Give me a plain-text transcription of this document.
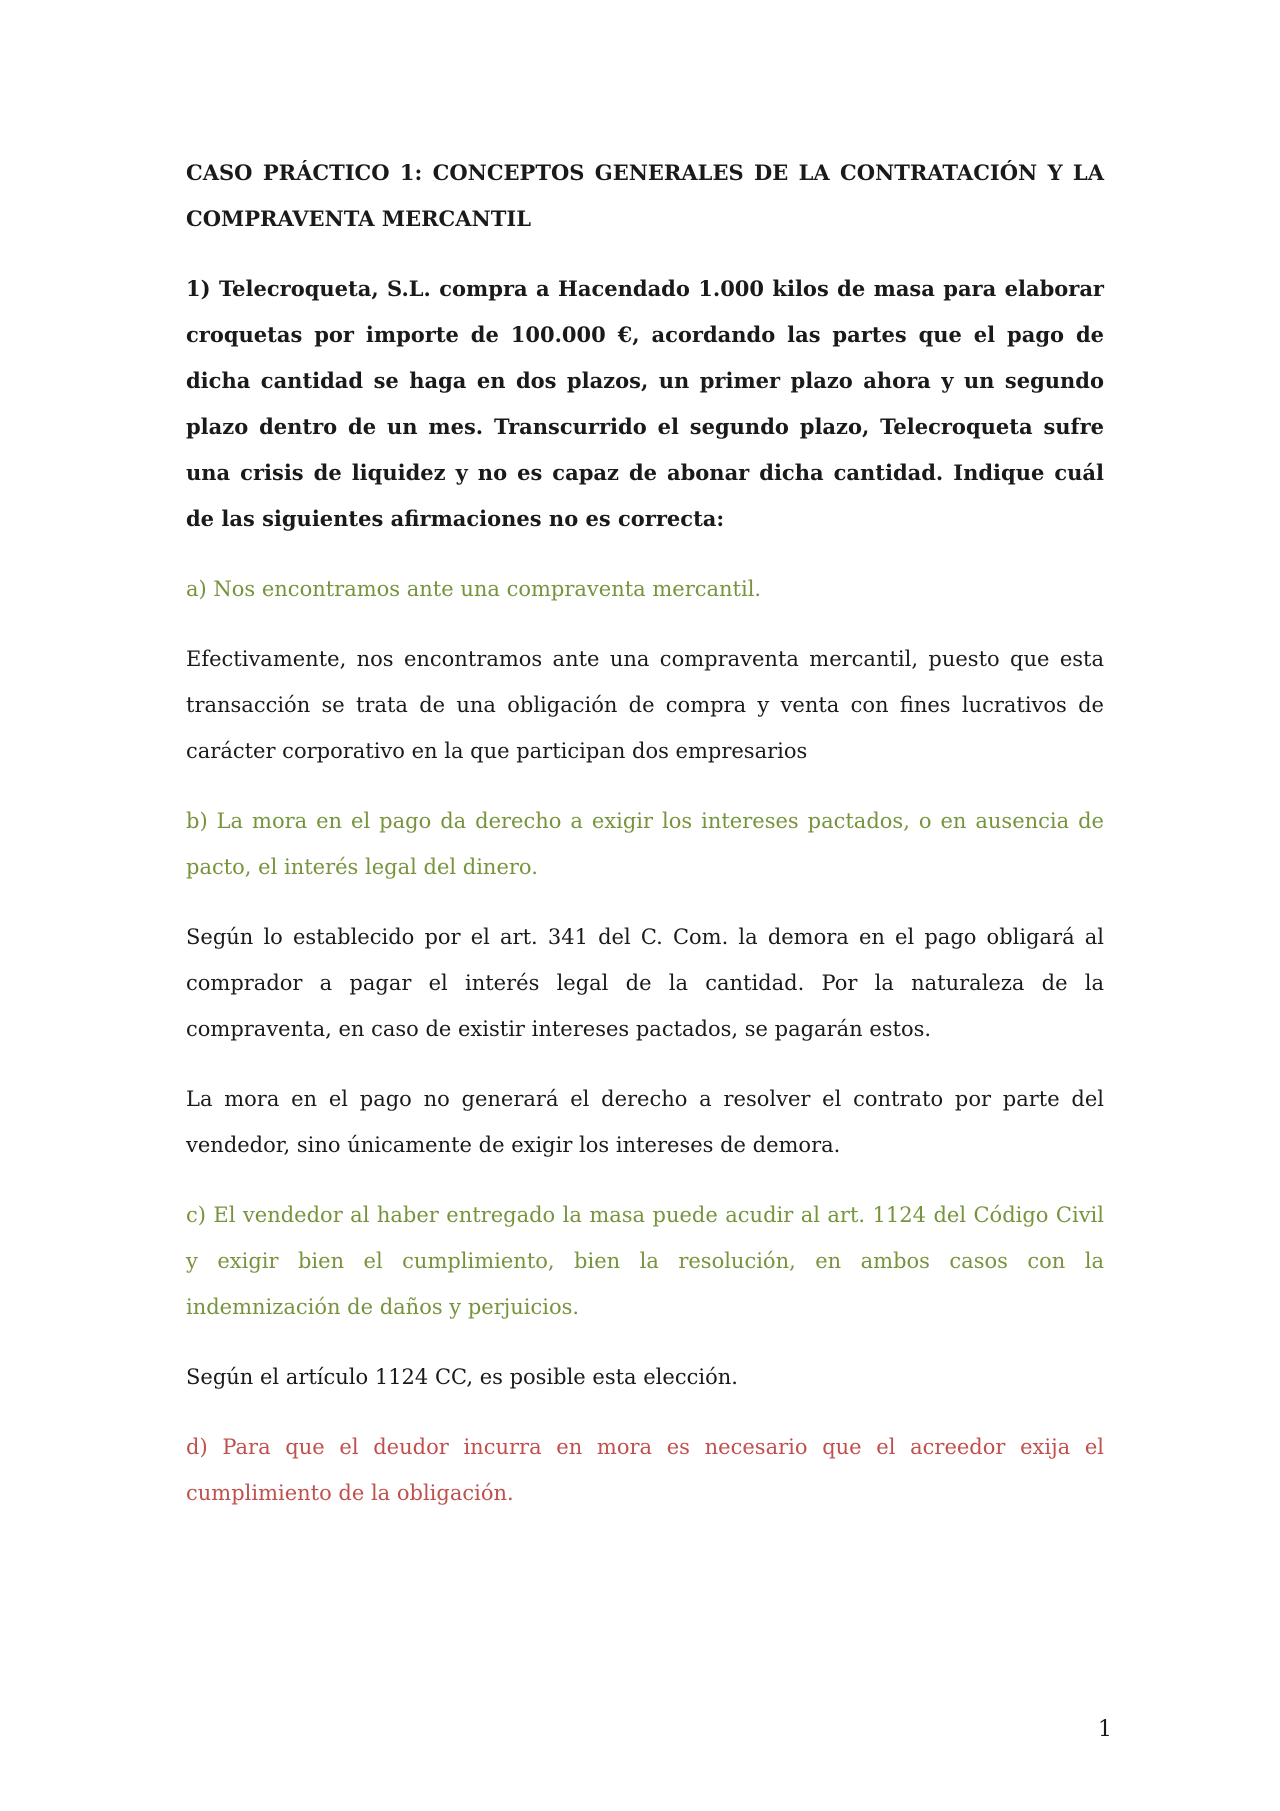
CASO PRÁCTICO 1: CONCEPTOS GENERALES DE LA CONTRATACIÓN Y LA COMPRAVENTA MERCANTIL

1) Telecroqueta, S.L. compra a Hacendado 1.000 kilos de masa para elaborar croquetas por importe de 100.000 €, acordando las partes que el pago de dicha cantidad se haga en dos plazos, un primer plazo ahora y un segundo plazo dentro de un mes. Transcurrido el segundo plazo, Telecroqueta sufre una crisis de liquidez y no es capaz de abonar dicha cantidad. Indique cuál de las siguientes afirmaciones no es correcta:

a) Nos encontramos ante una compraventa mercantil.

Efectivamente, nos encontramos ante una compraventa mercantil, puesto que esta transacción se trata de una obligación de compra y venta con fines lucrativos de carácter corporativo en la que participan dos empresarios

b) La mora en el pago da derecho a exigir los intereses pactados, o en ausencia de pacto, el interés legal del dinero.

Según lo establecido por el art. 341 del C. Com. la demora en el pago obligará al comprador a pagar el interés legal de la cantidad. Por la naturaleza de la compraventa, en caso de existir intereses pactados, se pagarán estos.

La mora en el pago no generará el derecho a resolver el contrato por parte del vendedor, sino únicamente de exigir los intereses de demora.

c) El vendedor al haber entregado la masa puede acudir al art. 1124 del Código Civil y exigir bien el cumplimiento, bien la resolución, en ambos casos con la indemnización de daños y perjuicios.

Según el artículo 1124 CC, es posible esta elección.

d) Para que el deudor incurra en mora es necesario que el acreedor exija el cumplimiento de la obligación.

1
